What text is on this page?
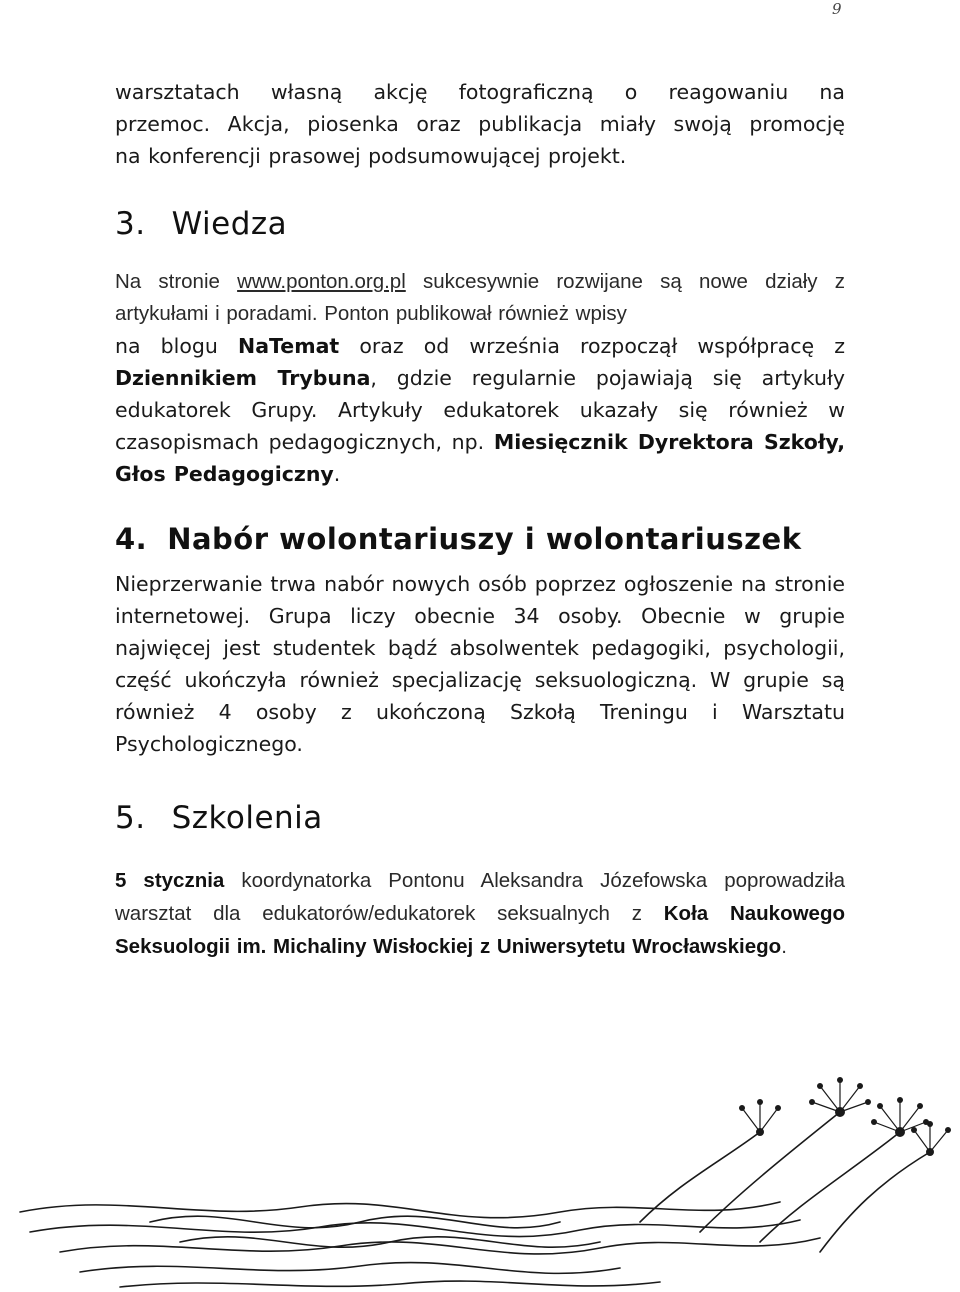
9

warsztatach własną akcję fotograficzną o reagowaniu na
przemoc. Akcja, piosenka oraz publikacja miały swoją promocję
na konferencji prasowej podsumowującej projekt.

3. Wiedza

Na stronie www.ponton.org.pl sukcesywnie rozwijane są nowe działy z artykułami i poradami. Ponton publikował również wpisy

na blogu NaTemat oraz od września rozpoczął współpracę z Dziennikiem Trybuna, gdzie regularnie pojawiają się artykuły edukatorek Grupy. Artykuły edukatorek ukazały się również w czasopismach pedagogicznych, np. Miesięcznik Dyrektora Szkoły, Głos Pedagogiczny.

4. Nabór wolontariuszy i wolontariuszek

Nieprzerwanie trwa nabór nowych osób poprzez ogłoszenie na stronie internetowej. Grupa liczy obecnie 34 osoby. Obecnie w grupie najwięcej jest studentek bądź absolwentek pedagogiki, psychologii, część ukończyła również specjalizację seksuologiczną. W grupie są również 4 osoby z ukończoną Szkołą Treningu i Warsztatu Psychologicznego.

5. Szkolenia

5 stycznia koordynatorka Pontonu Aleksandra Józefowska poprowadziła warsztat dla edukatorów/edukatorek seksualnych z Koła Naukowego Seksuologii im. Michaliny Wisłockiej z Uniwersytetu Wrocławskiego.
